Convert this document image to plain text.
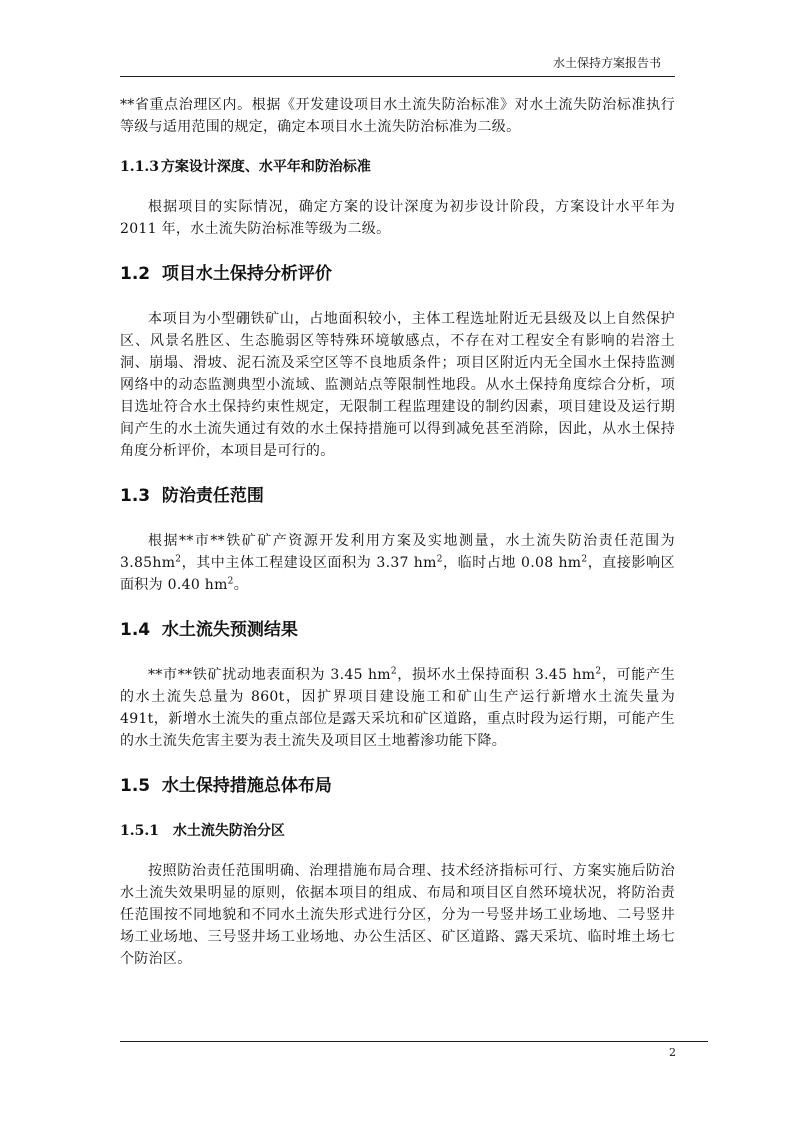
水土保持方案报告书

**省重点治理区内。根据《开发建设项目水土流失防治标准》对水土流失防治标准执行等级与适用范围的规定，确定本项目水土流失防治标准为二级。

1.1.3 方案设计深度、水平年和防治标准

根据项目的实际情况，确定方案的设计深度为初步设计阶段，方案设计水平年为 2011 年，水土流失防治标准等级为二级。

1.2 项目水土保持分析评价

本项目为小型硼铁矿山，占地面积较小，主体工程选址附近无县级及以上自然保护区、风景名胜区、生态脆弱区等特殊环境敏感点，不存在对工程安全有影响的岩溶土洞、崩塌、滑坡、泥石流及采空区等不良地质条件；项目区附近内无全国水土保持监测网络中的动态监测典型小流域、监测站点等限制性地段。从水土保持角度综合分析，项目选址符合水土保持约束性规定，无限制工程监理建设的制约因素，项目建设及运行期间产生的水土流失通过有效的水土保持措施可以得到减免甚至消除，因此，从水土保持角度分析评价，本项目是可行的。

1.3 防治责任范围

根据**市**铁矿矿产资源开发利用方案及实地测量，水土流失防治责任范围为 $3.85hm^2$，其中主体工程建设区面积为 3.37 $hm^2$，临时占地 0.08 $hm^2$，直接影响区面积为 0.40 $hm^2$。

1.4 水土流失预测结果

**市**铁矿扰动地表面积为 3.45 $hm^2$，损坏水土保持面积 3.45 $hm^2$，可能产生的水土流失总量为 860t，因扩界项目建设施工和矿山生产运行新增水土流失量为 491t，新增水土流失的重点部位是露天采坑和矿区道路，重点时段为运行期，可能产生的水土流失危害主要为表土流失及项目区土地蓄渗功能下降。

1.5 水土保持措施总体布局
1.5.1 水土流失防治分区

按照防治责任范围明确、治理措施布局合理、技术经济指标可行、方案实施后防治水土流失效果明显的原则，依据本项目的组成、布局和项目区自然环境状况，将防治责任范围按不同地貌和不同水土流失形式进行分区，分为一号竖井场工业场地、二号竖井场工业场地、三号竖井场工业场地、办公生活区、矿区道路、露天采坑、临时堆土场七个防治区。

2
